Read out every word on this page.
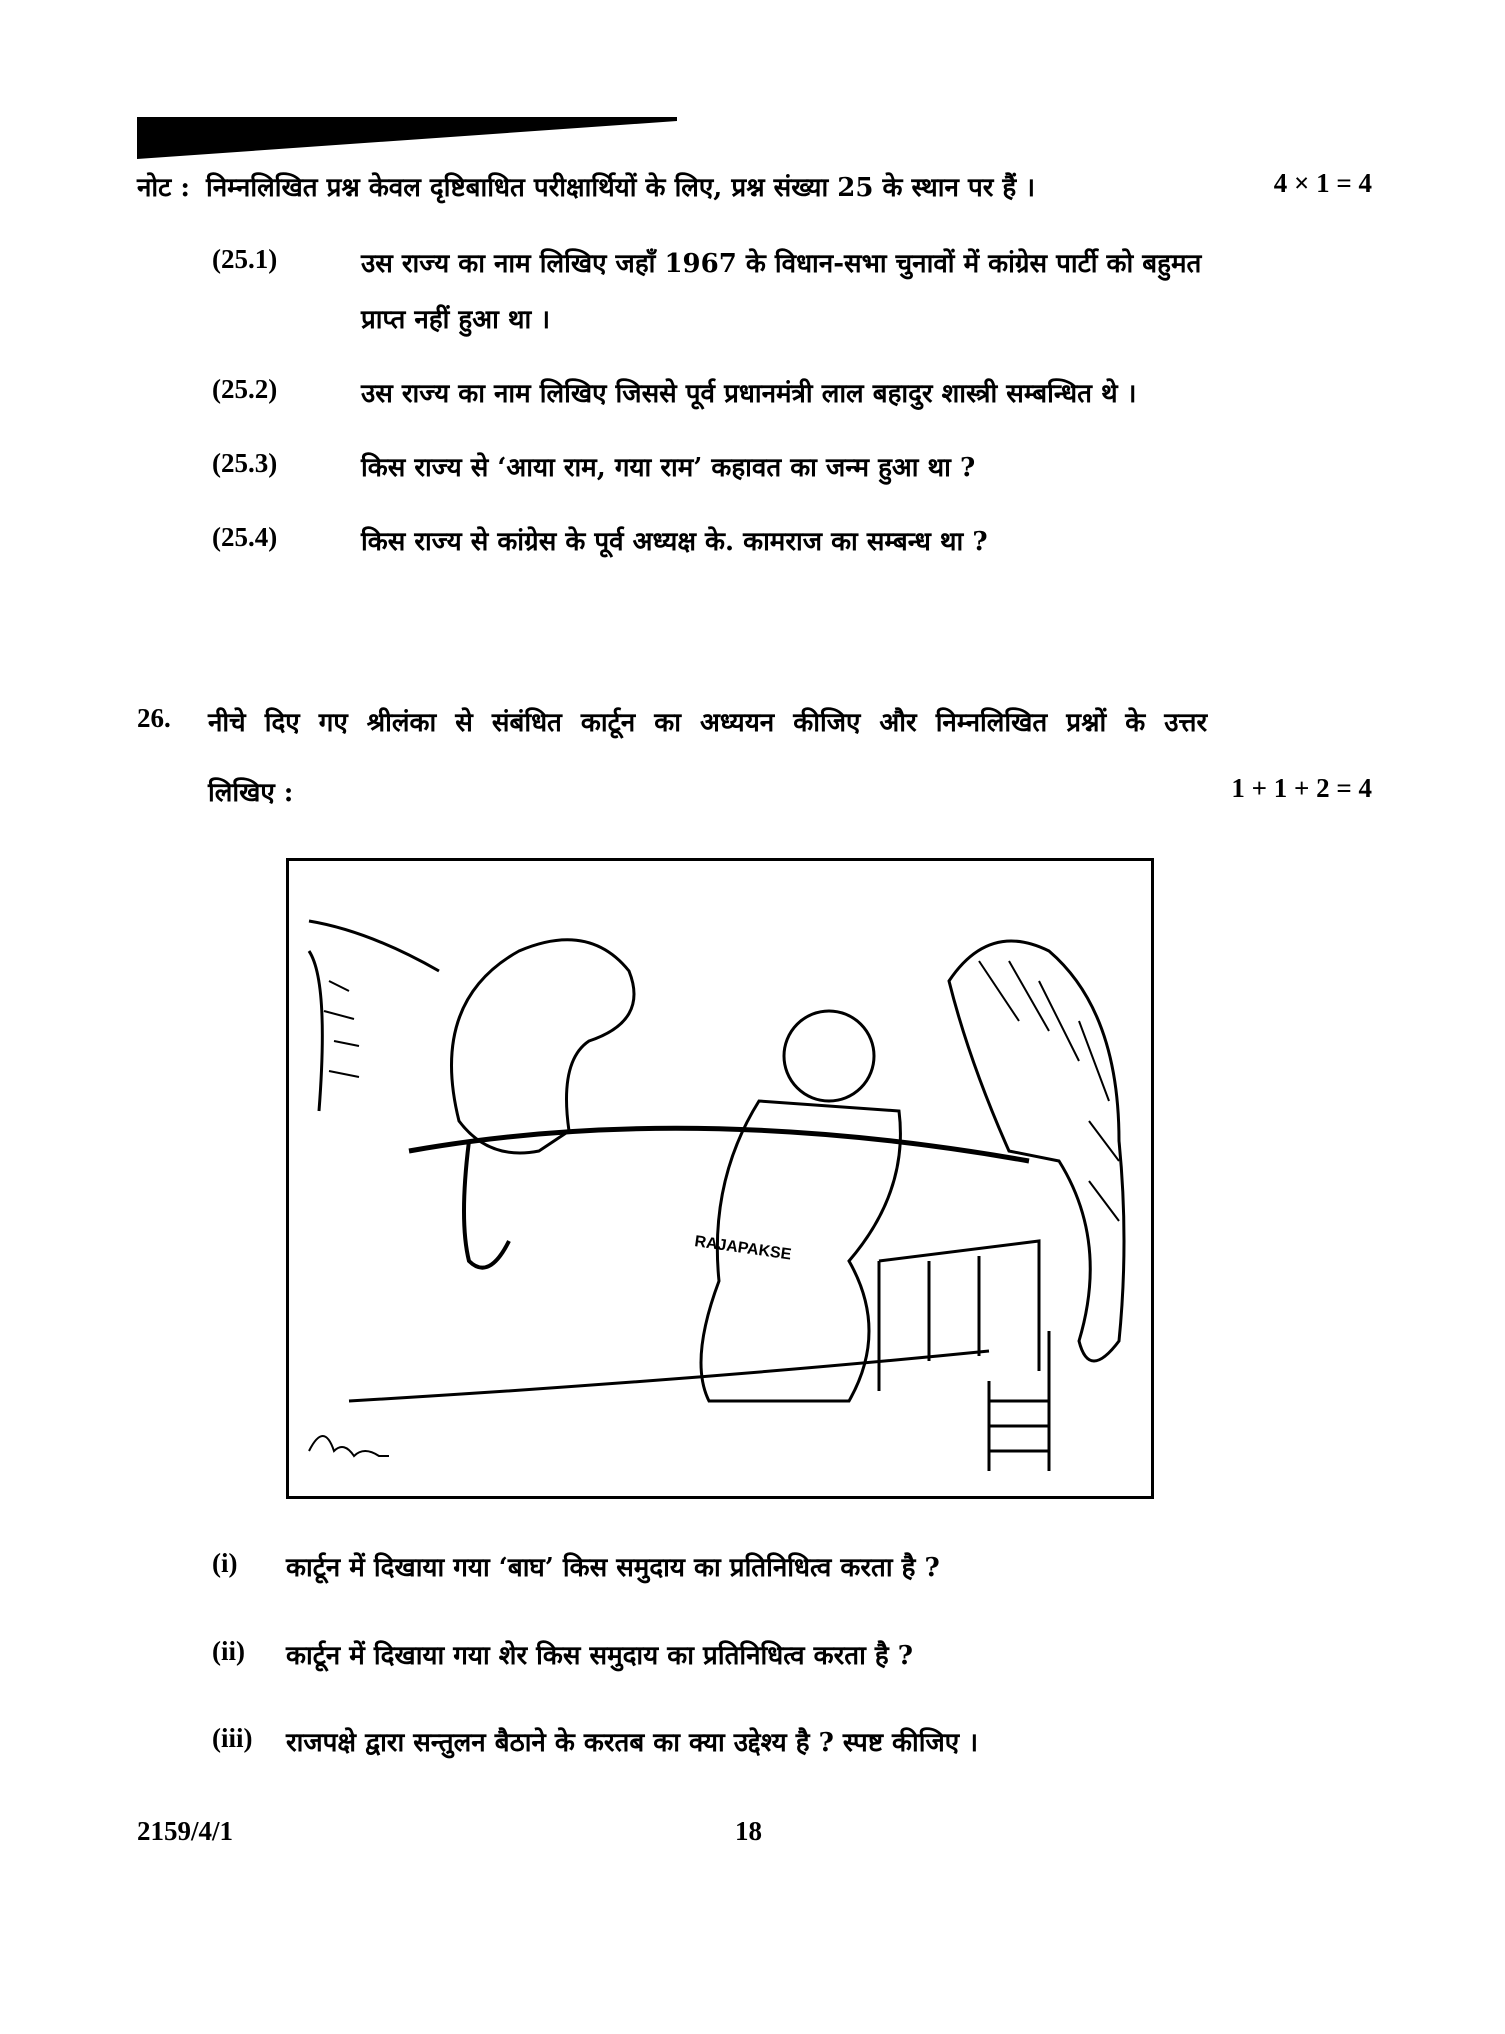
नोट : निम्नलिखित प्रश्न केवल दृष्टिबाधित परीक्षार्थियों के लिए, प्रश्न संख्या 25 के स्थान पर हैं ।	4 × 1 = 4
(25.1)	उस राज्य का नाम लिखिए जहाँ 1967 के विधान-सभा चुनावों में कांग्रेस पार्टी को बहुमत
प्राप्त नहीं हुआ था ।
(25.2)	उस राज्य का नाम लिखिए जिससे पूर्व प्रधानमंत्री लाल बहादुर शास्त्री सम्बन्धित थे ।
(25.3)	किस राज्य से ‘आया राम, गया राम’ कहावत का जन्म हुआ था ?
(25.4)	किस राज्य से कांग्रेस के पूर्व अध्यक्ष के. कामराज का सम्बन्ध था ?
26. नीचे दिए गए श्रीलंका से संबंधित कार्टून का अध्ययन कीजिए और निम्नलिखित प्रश्नों के उत्तर
लिखिए :	1 + 1 + 2 = 4
RAJAPAKSE
(i) कार्टून में दिखाया गया ‘बाघ’ किस समुदाय का प्रतिनिधित्व करता है ?
(ii) कार्टून में दिखाया गया शेर किस समुदाय का प्रतिनिधित्व करता है ?
(iii) राजपक्षे द्वारा सन्तुलन बैठाने के करतब का क्या उद्देश्य है ? स्पष्ट कीजिए ।
2159/4/1	18
